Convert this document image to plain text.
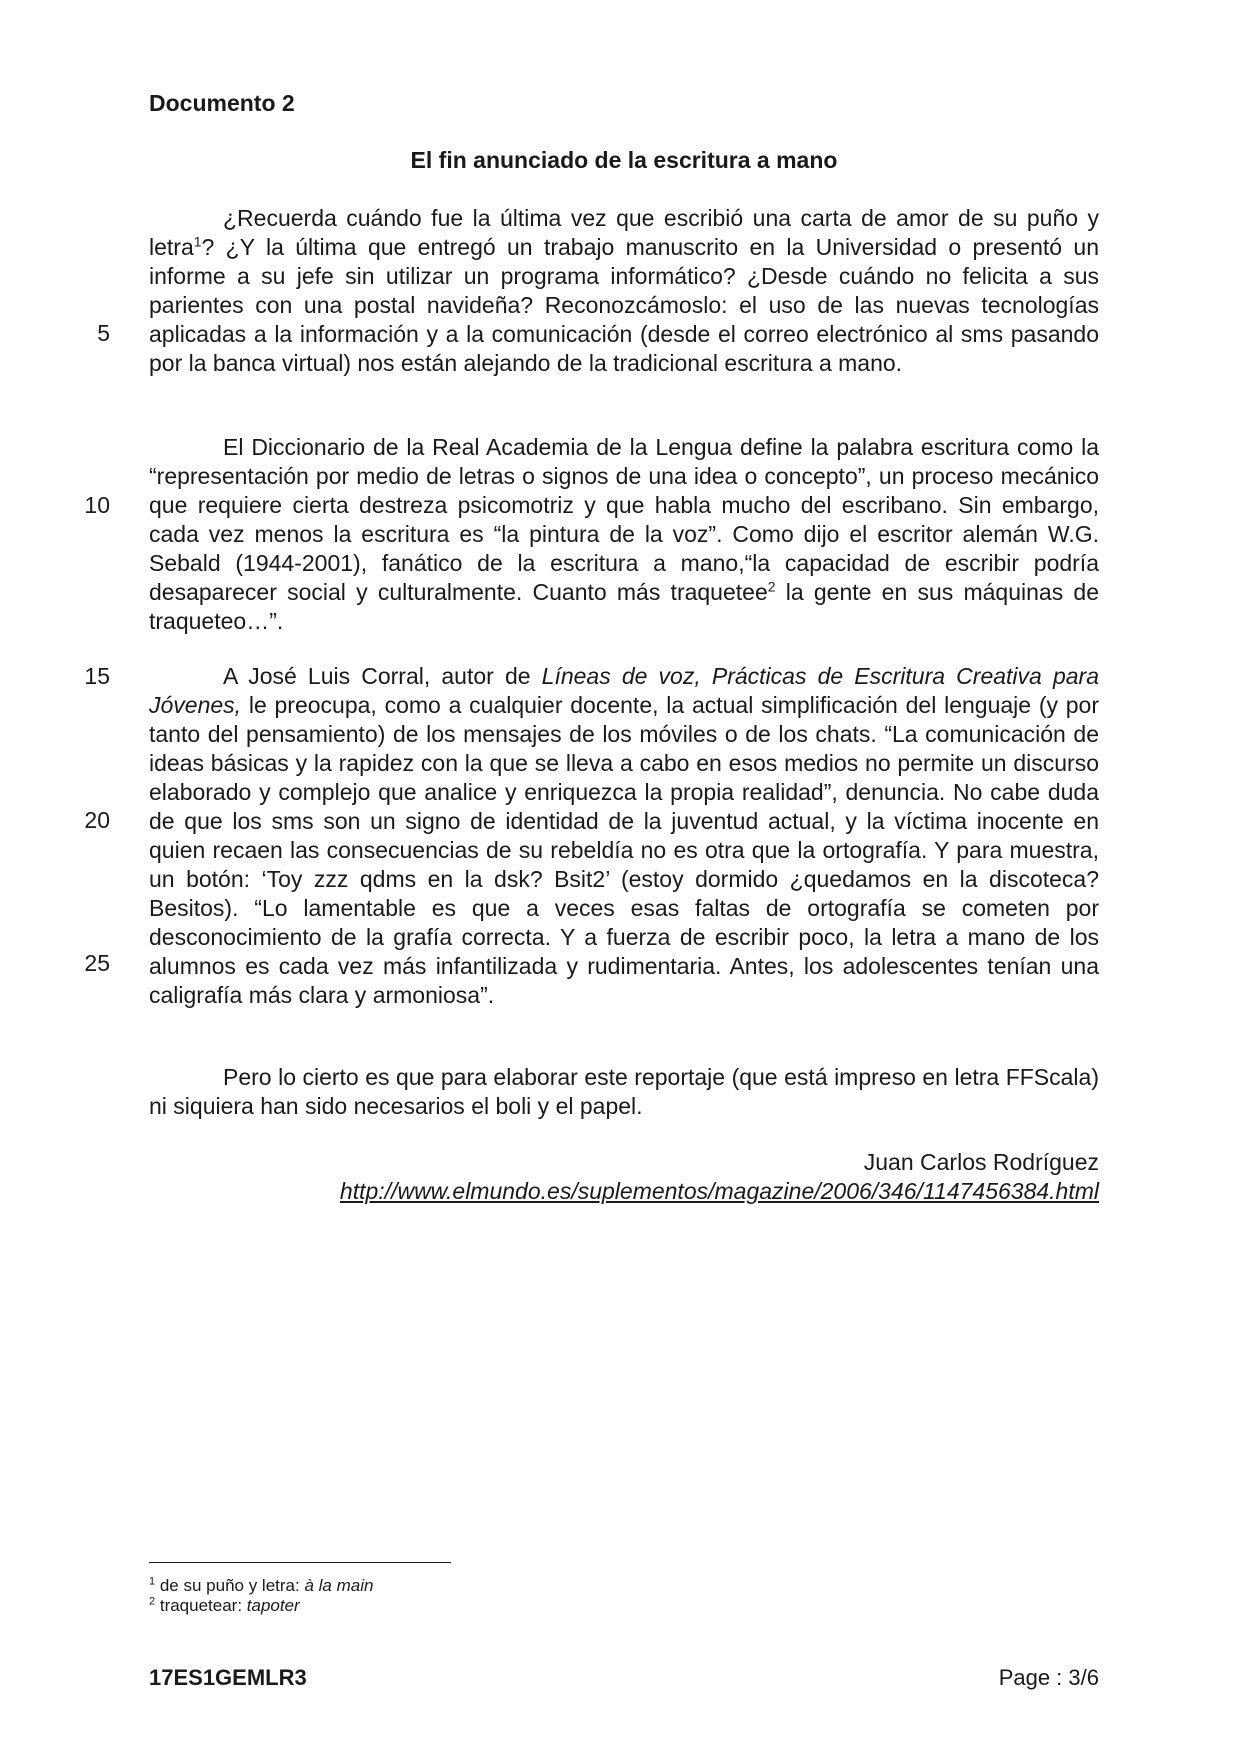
Documento 2
El fin anunciado de la escritura a mano
¿Recuerda cuándo fue la última vez que escribió una carta de amor de su puño y letra$^1$? ¿Y la última que entregó un trabajo manuscrito en la Universidad o presentó un informe a su jefe sin utilizar un programa informático? ¿Desde cuándo no felicita a sus parientes con una postal navideña? Reconozcámoslo: el uso de las nuevas tecnologías aplicadas a la información y a la comunicación (desde el correo electrónico al sms pasando por la banca virtual) nos están alejando de la tradicional escritura a mano.
El Diccionario de la Real Academia de la Lengua define la palabra escritura como la “representación por medio de letras o signos de una idea o concepto”, un proceso mecánico que requiere cierta destreza psicomotriz y que habla mucho del escribano. Sin embargo, cada vez menos la escritura es “la pintura de la voz”. Como dijo el escritor alemán W.G. Sebald (1944-2001), fanático de la escritura a mano,“la capacidad de escribir podría desaparecer social y culturalmente. Cuanto más traquetee$^2$ la gente en sus máquinas de traqueteo…”.
A José Luis Corral, autor de Líneas de voz, Prácticas de Escritura Creativa para Jóvenes, le preocupa, como a cualquier docente, la actual simplificación del lenguaje (y por tanto del pensamiento) de los mensajes de los móviles o de los chats. “La comunicación de ideas básicas y la rapidez con la que se lleva a cabo en esos medios no permite un discurso elaborado y complejo que analice y enriquezca la propia realidad”, denuncia. No cabe duda de que los sms son un signo de identidad de la juventud actual, y la víctima inocente en quien recaen las consecuencias de su rebeldía no es otra que la ortografía. Y para muestra, un botón: ‘Toy zzz qdms en la dsk? Bsit2’ (estoy dormido ¿quedamos en la discoteca? Besitos). “Lo lamentable es que a veces esas faltas de ortografía se cometen por desconocimiento de la grafía correcta. Y a fuerza de escribir poco, la letra a mano de los alumnos es cada vez más infantilizada y rudimentaria. Antes, los adolescentes tenían una caligrafía más clara y armoniosa”.
Pero lo cierto es que para elaborar este reportaje (que está impreso en letra FFScala) ni siquiera han sido necesarios el boli y el papel.
5
10
15
20
25
Juan Carlos Rodríguez
http://www.elmundo.es/suplementos/magazine/2006/346/1147456384.html
$^1$ de su puño y letra: à la main
$^2$ traquetear: tapoter
17ES1GEMLR3	Page : 3/6
